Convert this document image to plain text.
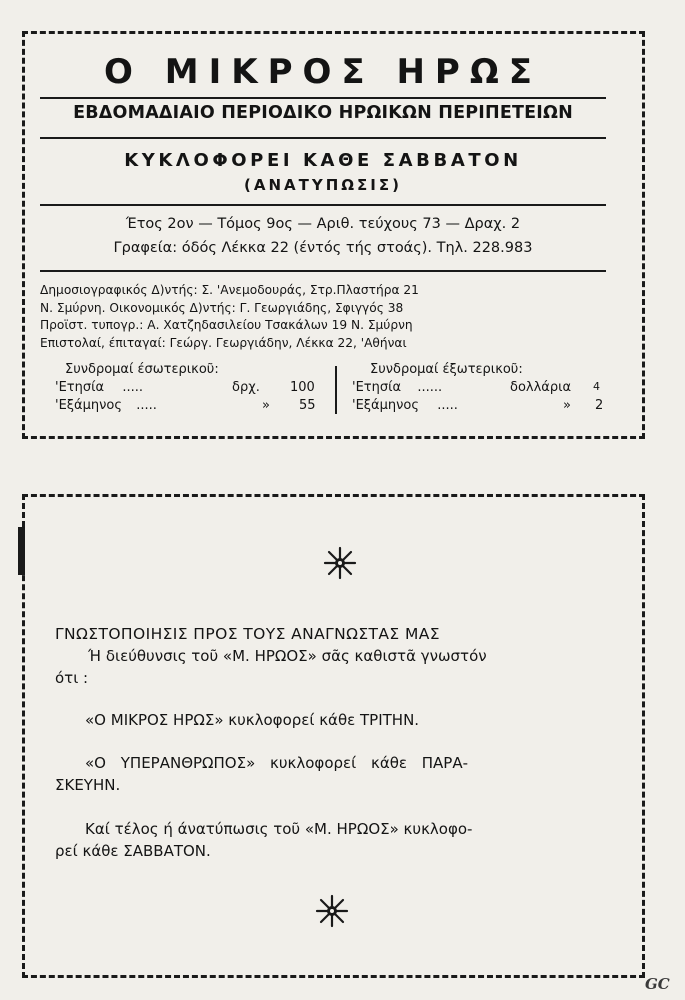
Ο ΜΙΚΡΟΣ ΗΡΩΣ
ΕΒΔΟΜΑΔΙΑΙΟ ΠΕΡΙΟΔΙΚΟ ΗΡΩΙΚΩΝ ΠΕΡΙΠΕΤΕΙΩΝ
ΚΥΚΛΟΦΟΡΕΙ ΚΑΘΕ ΣΑΒΒΑΤΟΝ
(ΑΝΑΤΥΠΩΣΙΣ)
Έτος 2ον — Τόμος 9ος — Αριθ. τεύχους 73 — Δραχ. 2
Γραφεία: όδός Λέκκα 22 (έντός τής στοάς). Τηλ. 228.983
Δημοσιογραφικός Δ)ντής: Σ. 'Ανεμοδουράς, Στρ.Πλαστήρα 21
Ν. Σμύρνη. Οικονομικός Δ)ντής: Γ. Γεωργιάδης, Σφιγγός 38
Προϊστ. τυπογρ.: Α. Χατζηδασιλείου Τσακάλων 19 Ν. Σμύρνη
Επιστολαί, έπιταγαί: Γεώργ. Γεωργιάδην, Λέκκα 22, 'Αθήναι
Συνδρομαί έσωτερικοῦ:
'Ετησία .....	δρχ. 100
'Εξάμηνος .....	» 55
Συνδρομαί έξωτερικοῦ:
'Ετησία ......	δολλάρια 4
'Εξάμηνος .....	» 2
ΓΝΩΣΤΟΠΟΙΗΣΙΣ ΠΡΟΣ ΤΟΥΣ ΑΝΑΓΝΩΣΤΑΣ ΜΑΣ
Ή διεύθυνσις τοῦ «Μ. ΗΡΩΟΣ» σᾶς καθιστᾶ γνωστόν
ότι :
«Ο ΜΙΚΡΟΣ ΗΡΩΣ» κυκλοφορεί κάθε ΤΡΙΤΗΝ.
«Ο ΥΠΕΡΑΝΘΡΩΠΟΣ» κυκλοφορεί κάθε ΠΑΡΑ-
ΣΚΕΥΗΝ.
Καί τέλος ή άνατύπωσις τοῦ «Μ. ΗΡΩΟΣ» κυκλοφο-
ρεί κάθε ΣΑΒΒΑΤΟΝ.
GC
